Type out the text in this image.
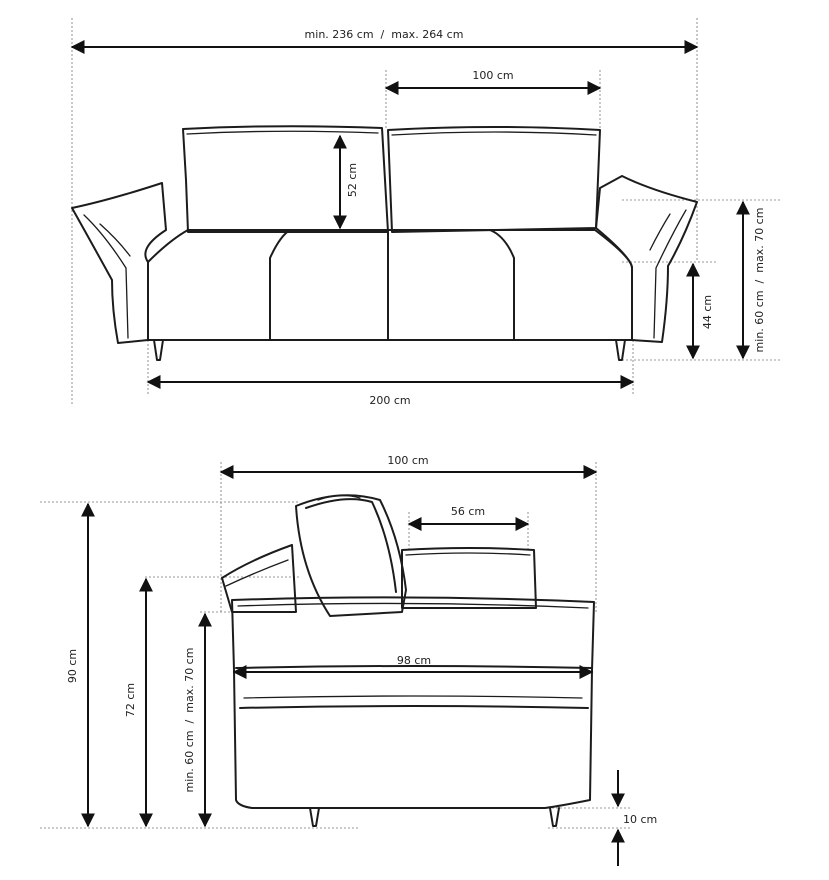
min. 236 cm  /  max. 264 cm
100 cm
52 cm
200 cm
44 cm	min. 60 cm  /  max. 70 cm
100 cm
56 cm
90 cm
72 cm	min. 60 cm  /  max. 70 cm	98 cm
10 cm
